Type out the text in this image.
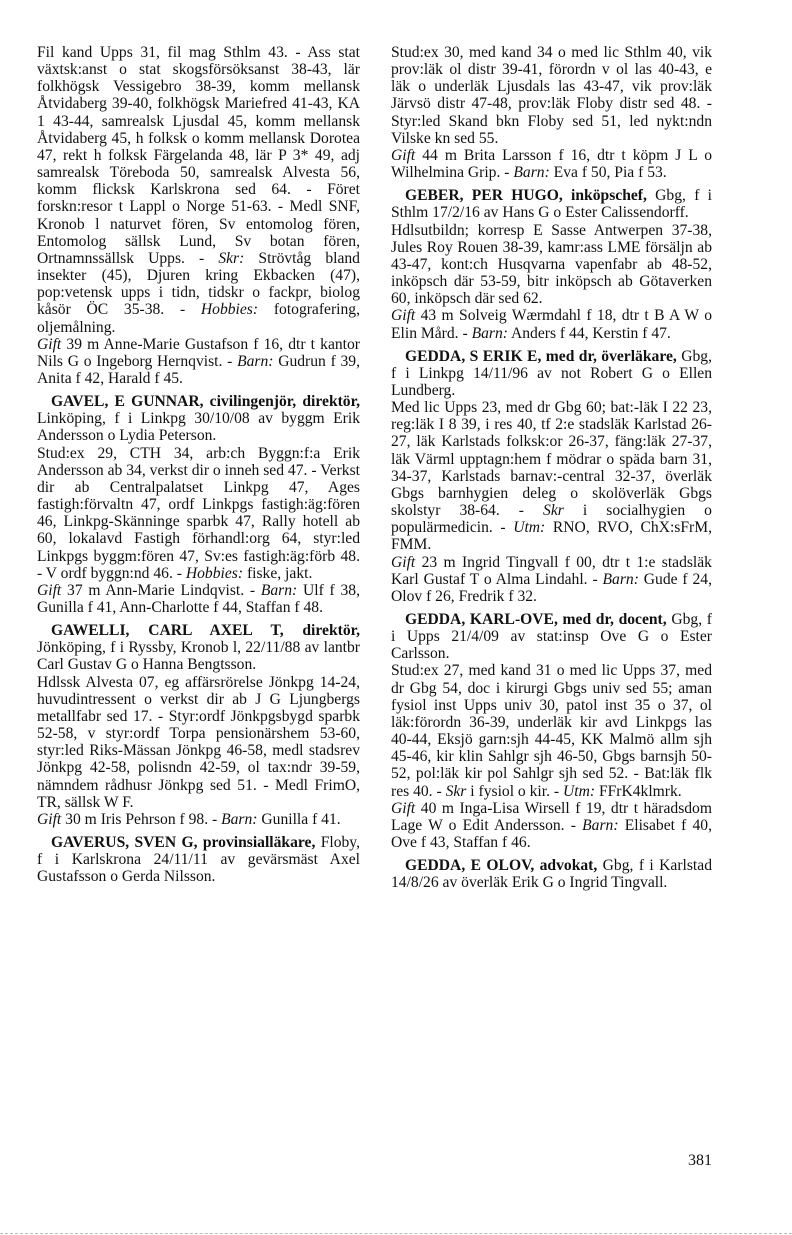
Fil kand Upps 31, fil mag Sthlm 43. - Ass stat växtsk:anst o stat skogsförsöksanst 38-43, lär folkhögsk Vessigebro 38-39, komm mellansk Åtvidaberg 39-40, folkhögsk Mariefred 41-43, KA 1 43-44, samrealsk Ljusdal 45, komm mellansk Åtvidaberg 45, h folksk o komm mellansk Dorotea 47, rekt h folksk Färgelanda 48, lär P 3* 49, adj samrealsk Töreboda 50, samrealsk Alvesta 56, komm flicksk Karlskrona sed 64. - Föret forskn:resor t Lappl o Norge 51-63. - Medl SNF, Kronob l naturvet fören, Sv entomolog fören, Entomolog sällsk Lund, Sv botan fören, Ortnamnssällsk Upps. - Skr: Strövtåg bland insekter (45), Djuren kring Ekbacken (47), pop:vetensk upps i tidn, tidskr o fackpr, biolog kåsör ÖC 35-38. - Hobbies: fotografering, oljemålning.

Gift 39 m Anne-Marie Gustafson f 16, dtr t kantor Nils G o Ingeborg Hernqvist. - Barn: Gudrun f 39, Anita f 42, Harald f 45.

GAVEL, E GUNNAR, civilingenjör, direktör, Linköping, f i Linkpg 30/10/08 av byggm Erik Andersson o Lydia Peterson.

Stud:ex 29, CTH 34, arb:ch Byggn:f:a Erik Andersson ab 34, verkst dir o inneh sed 47. - Verkst dir ab Centralpalatset Linkpg 47, Ages fastigh:förvaltn 47, ordf Linkpgs fastigh:äg:fören 46, Linkpg-Skänninge sparbk 47, Rally hotell ab 60, lokalavd Fastigh förhandl:org 64, styr:led Linkpgs byggm:fören 47, Sv:es fastigh:äg:förb 48. - V ordf byggn:nd 46. - Hobbies: fiske, jakt.

Gift 37 m Ann-Marie Lindqvist. - Barn: Ulf f 38, Gunilla f 41, Ann-Charlotte f 44, Staffan f 48.

GAWELLI, CARL AXEL T, direktör, Jönköping, f i Ryssby, Kronob l, 22/11/88 av lantbr Carl Gustav G o Hanna Bengtsson.

Hdlssk Alvesta 07, eg affärsrörelse Jönkpg 14-24, huvudintressent o verkst dir ab J G Ljungbergs metallfabr sed 17. - Styr:ordf Jönkpgsbygd sparbk 52-58, v styr:ordf Torpa pensionärshem 53-60, styr:led Riks-Mässan Jönkpg 46-58, medl stadsrev Jönkpg 42-58, polisndn 42-59, ol tax:ndr 39-59, nämndem rådhusr Jönkpg sed 51. - Medl FrimO, TR, sällsk W F.

Gift 30 m Iris Pehrson f 98. - Barn: Gunilla f 41.

GAVERUS, SVEN G, provinsialläkare, Floby, f i Karlskrona 24/11/11 av gevärsmäst Axel Gustafsson o Gerda Nilsson.

Stud:ex 30, med kand 34 o med lic Sthlm 40, vik prov:läk ol distr 39-41, förordn v ol las 40-43, e läk o underläk Ljusdals las 43-47, vik prov:läk Järvsö distr 47-48, prov:läk Floby distr sed 48. - Styr:led Skand bkn Floby sed 51, led nykt:ndn Vilske kn sed 55.

Gift 44 m Brita Larsson f 16, dtr t köpm J L o Wilhelmina Grip. - Barn: Eva f 50, Pia f 53.

GEBER, PER HUGO, inköpschef, Gbg, f i Sthlm 17/2/16 av Hans G o Ester Calissendorff.

Hdlsutbildn; korresp E Sasse Antwerpen 37-38, Jules Roy Rouen 38-39, kamr:ass LME försäljn ab 43-47, kont:ch Husqvarna vapenfabr ab 48-52, inköpsch där 53-59, bitr inköpsch ab Götaverken 60, inköpsch där sed 62.

Gift 43 m Solveig Wærmdahl f 18, dtr t B A W o Elin Mård. - Barn: Anders f 44, Kerstin f 47.

GEDDA, S ERIK E, med dr, överläkare, Gbg, f i Linkpg 14/11/96 av not Robert G o Ellen Lundberg.

Med lic Upps 23, med dr Gbg 60; bat:-läk I 22 23, reg:läk I 8 39, i res 40, tf 2:e stadsläk Karlstad 26-27, läk Karlstads folksk:or 26-37, fäng:läk 27-37, läk Värml upptagn:hem f mödrar o späda barn 31, 34-37, Karlstads barnav:-central 32-37, överläk Gbgs barnhygien deleg o skolöverläk Gbgs skolstyr 38-64. - Skr i socialhygien o populärmedicin. - Utm: RNO, RVO, ChX:sFrM, FMM.

Gift 23 m Ingrid Tingvall f 00, dtr t 1:e stadsläk Karl Gustaf T o Alma Lindahl. - Barn: Gude f 24, Olov f 26, Fredrik f 32.

GEDDA, KARL-OVE, med dr, docent, Gbg, f i Upps 21/4/09 av stat:insp Ove G o Ester Carlsson.

Stud:ex 27, med kand 31 o med lic Upps 37, med dr Gbg 54, doc i kirurgi Gbgs univ sed 55; aman fysiol inst Upps univ 30, patol inst 35 o 37, ol läk:förordn 36-39, underläk kir avd Linkpgs las 40-44, Eksjö garn:sjh 44-45, KK Malmö allm sjh 45-46, kir klin Sahlgr sjh 46-50, Gbgs barnsjh 50-52, pol:läk kir pol Sahlgr sjh sed 52. - Bat:läk flk res 40. - Skr i fysiol o kir. - Utm: FFrK4klmrk.

Gift 40 m Inga-Lisa Wirsell f 19, dtr t häradsdom Lage W o Edit Andersson. - Barn: Elisabet f 40, Ove f 43, Staffan f 46.

GEDDA, E OLOV, advokat, Gbg, f i Karlstad 14/8/26 av överläk Erik G o Ingrid Tingvall.

381
